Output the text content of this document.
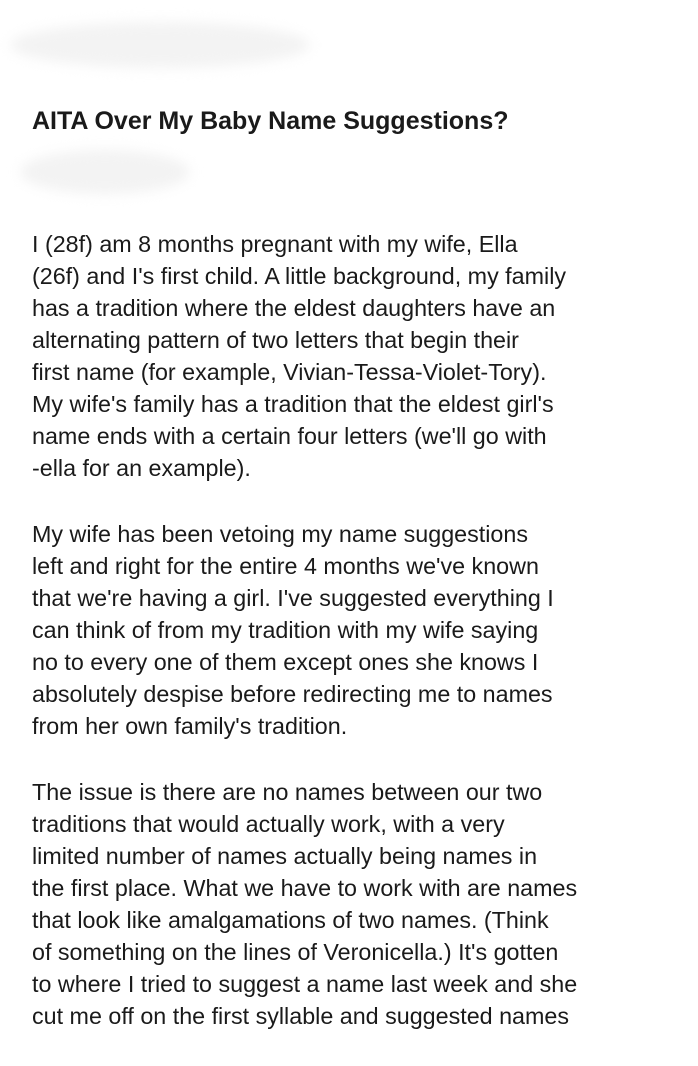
AITA Over My Baby Name Suggestions?

I (28f) am 8 months pregnant with my wife, Ella
(26f) and I's first child. A little background, my family
has a tradition where the eldest daughters have an
alternating pattern of two letters that begin their
first name (for example, Vivian-Tessa-Violet-Tory).
My wife's family has a tradition that the eldest girl's
name ends with a certain four letters (we'll go with
-ella for an example).

My wife has been vetoing my name suggestions
left and right for the entire 4 months we've known
that we're having a girl. I've suggested everything I
can think of from my tradition with my wife saying
no to every one of them except ones she knows I
absolutely despise before redirecting me to names
from her own family's tradition.

The issue is there are no names between our two
traditions that would actually work, with a very
limited number of names actually being names in
the first place. What we have to work with are names
that look like amalgamations of two names. (Think
of something on the lines of Veronicella.) It's gotten
to where I tried to suggest a name last week and she
cut me off on the first syllable and suggested names
